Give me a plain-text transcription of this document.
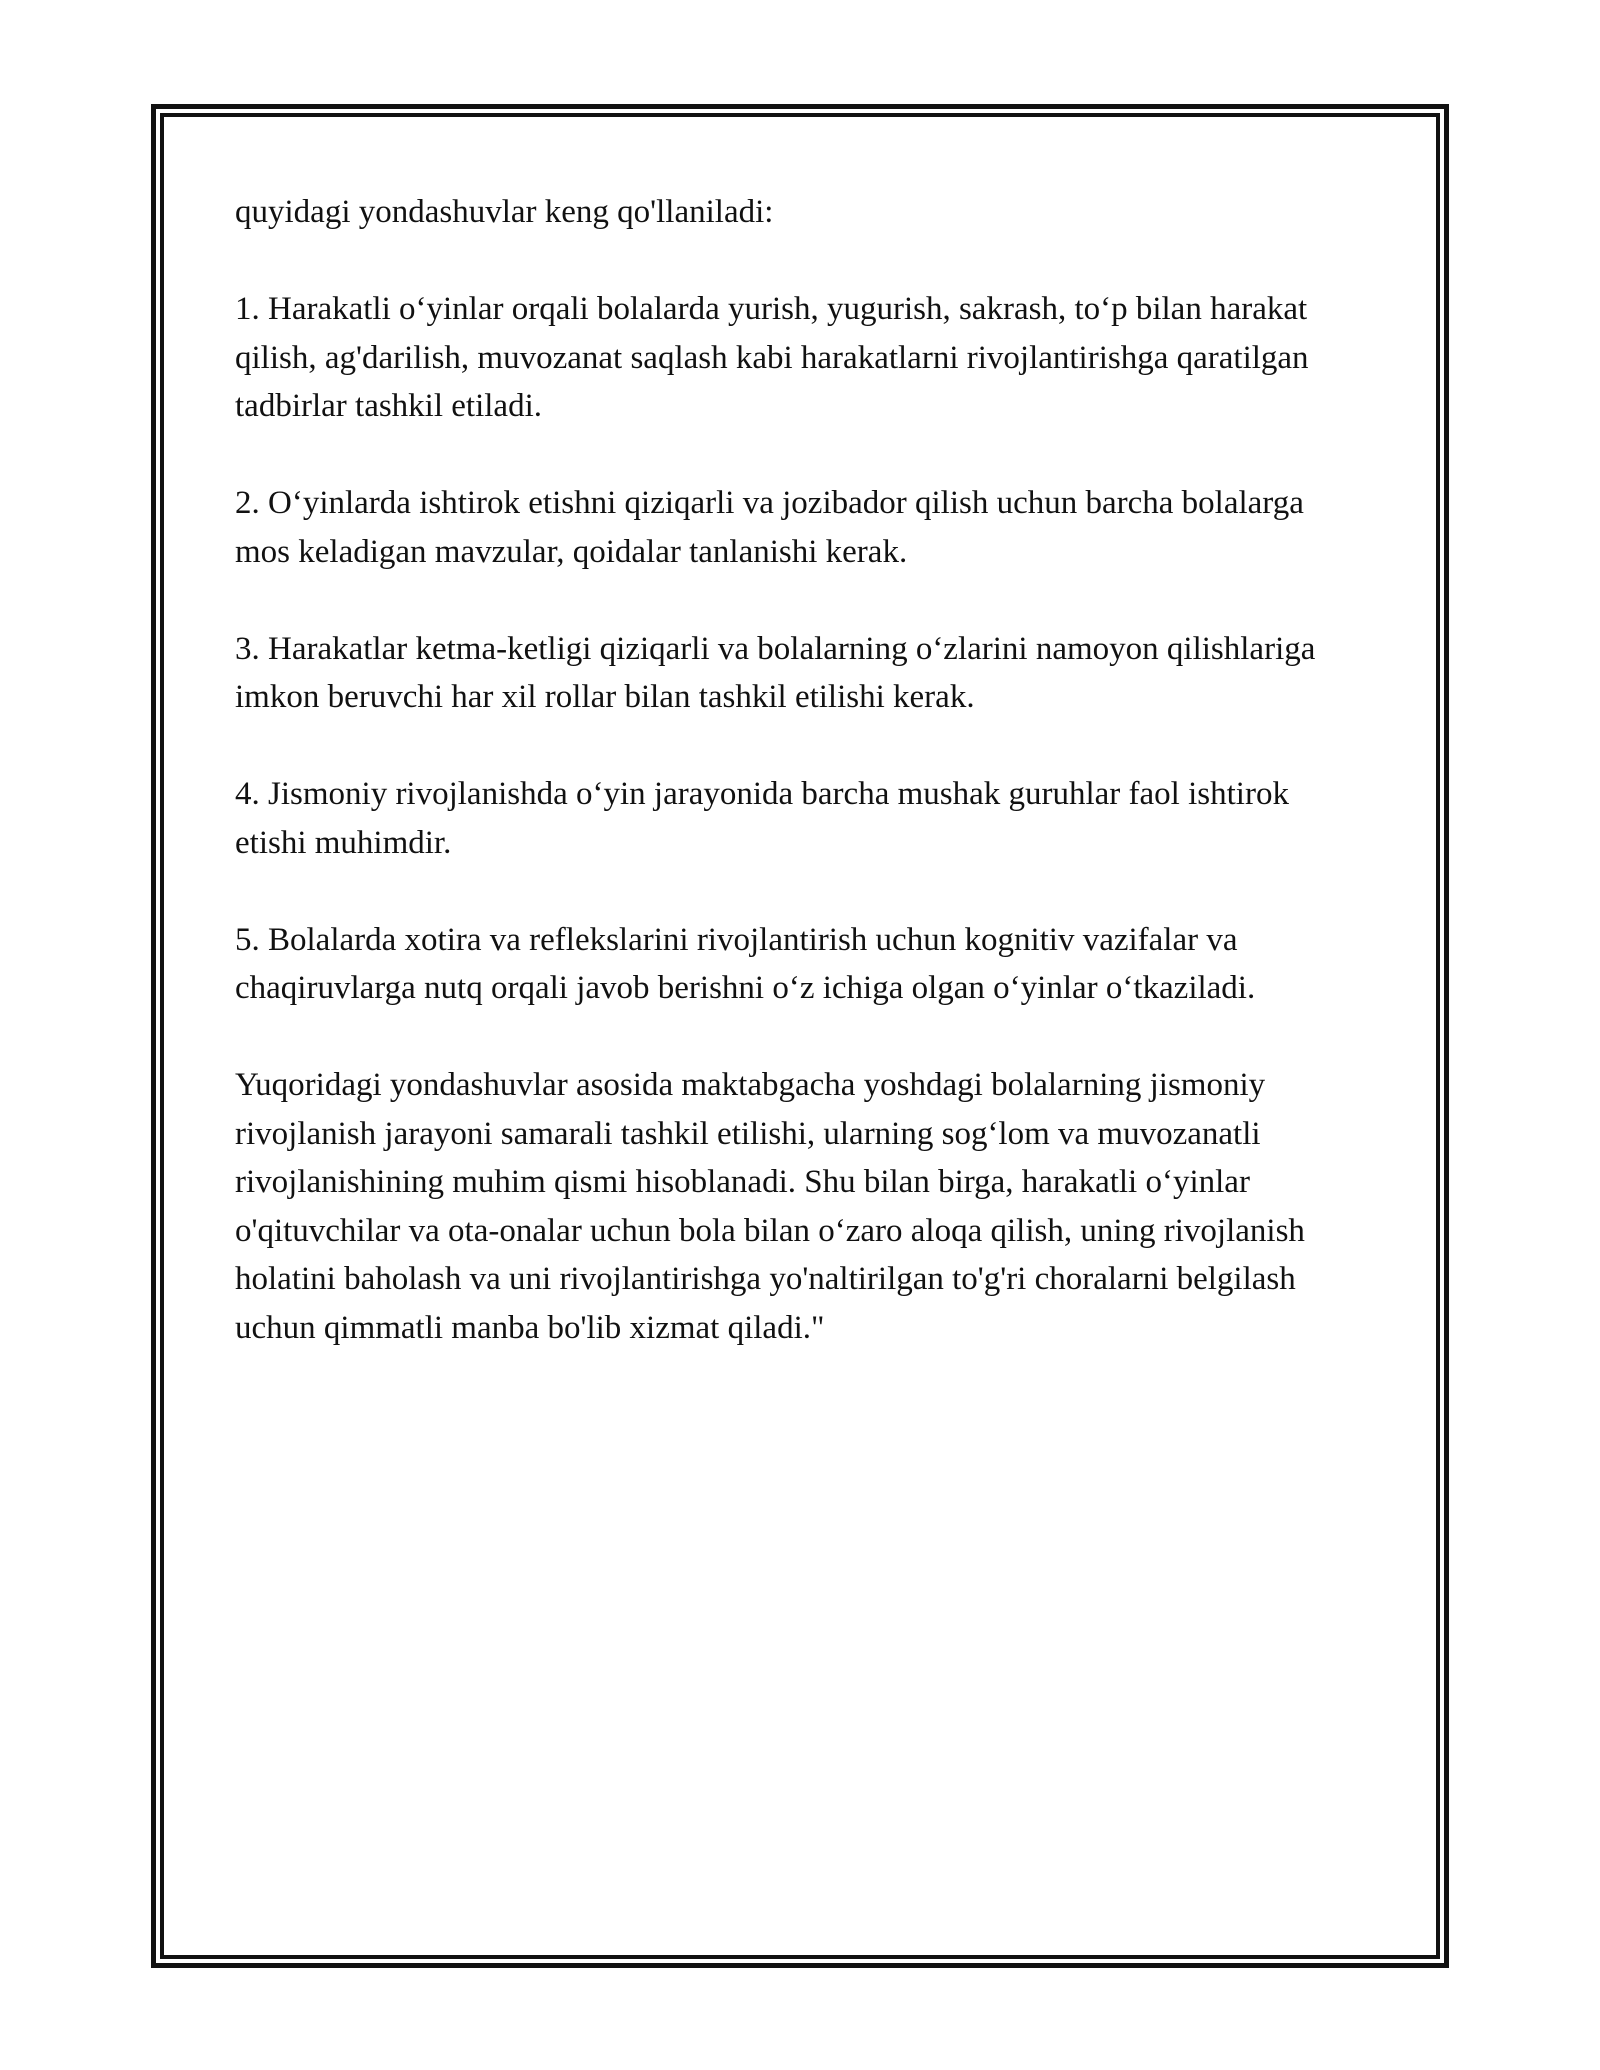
quyidagi yondashuvlar keng qo'llaniladi:

1. Harakatli o‘yinlar orqali bolalarda yurish, yugurish, sakrash, to‘p bilan harakat qilish, ag'darilish, muvozanat saqlash kabi harakatlarni rivojlantirishga qaratilgan tadbirlar tashkil etiladi.

2. O‘yinlarda ishtirok etishni qiziqarli va jozibador qilish uchun barcha bolalarga mos keladigan mavzular, qoidalar tanlanishi kerak.

3. Harakatlar ketma-ketligi qiziqarli va bolalarning o‘zlarini namoyon qilishlariga imkon beruvchi har xil rollar bilan tashkil etilishi kerak.

4. Jismoniy rivojlanishda o‘yin jarayonida barcha mushak guruhlar faol ishtirok etishi muhimdir.

5. Bolalarda xotira va reflekslarini rivojlantirish uchun kognitiv vazifalar va chaqiruvlarga nutq orqali javob berishni o‘z ichiga olgan o‘yinlar o‘tkaziladi.

Yuqoridagi yondashuvlar asosida maktabgacha yoshdagi bolalarning jismoniy rivojlanish jarayoni samarali tashkil etilishi, ularning sog‘lom va muvozanatli rivojlanishining muhim qismi hisoblanadi. Shu bilan birga, harakatli o‘yinlar o'qituvchilar va ota-onalar uchun bola bilan o‘zaro aloqa qilish, uning rivojlanish holatini baholash va uni rivojlantirishga yo'naltirilgan to'g'ri choralarni belgilash uchun qimmatli manba bo'lib xizmat qiladi."
